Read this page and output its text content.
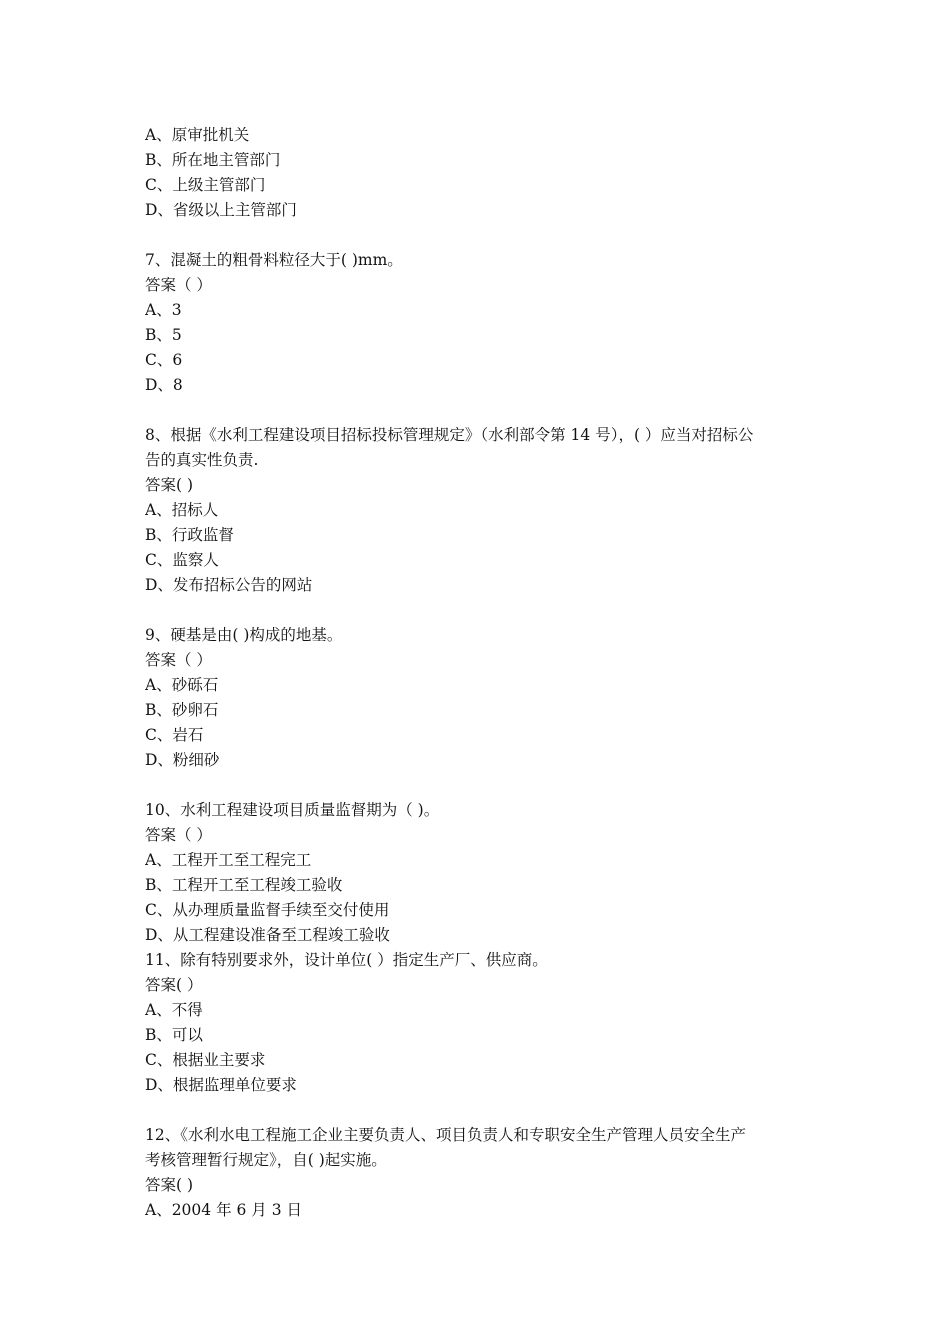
A、原审批机关
B、所在地主管部门
C、上级主管部门
D、省级以上主管部门
7、混凝土的粗骨料粒径大于( )mm。
答案（ ）
A、3
B、5
C、6
D、8
8、根据《水利工程建设项目招标投标管理规定》（水利部令第 14 号），( ）应当对招标公
告的真实性负责.
答案( )
A、招标人
B、行政监督
C、监察人
D、发布招标公告的网站
9、硬基是由( )构成的地基。
答案（ ）
A、砂砾石
B、砂卵石
C、岩石
D、粉细砂
10、水利工程建设项目质量监督期为（ )。
答案（ ）
A、工程开工至工程完工
B、工程开工至工程竣工验收
C、从办理质量监督手续至交付使用
D、从工程建设准备至工程竣工验收
11、除有特别要求外，设计单位( ）指定生产厂、供应商。
答案( ）
A、不得
B、可以
C、根据业主要求
D、根据监理单位要求
12、《水利水电工程施工企业主要负责人、项目负责人和专职安全生产管理人员安全生产
考核管理暂行规定》，自( )起实施。
答案( )
A、2004 年 6 月 3 日
